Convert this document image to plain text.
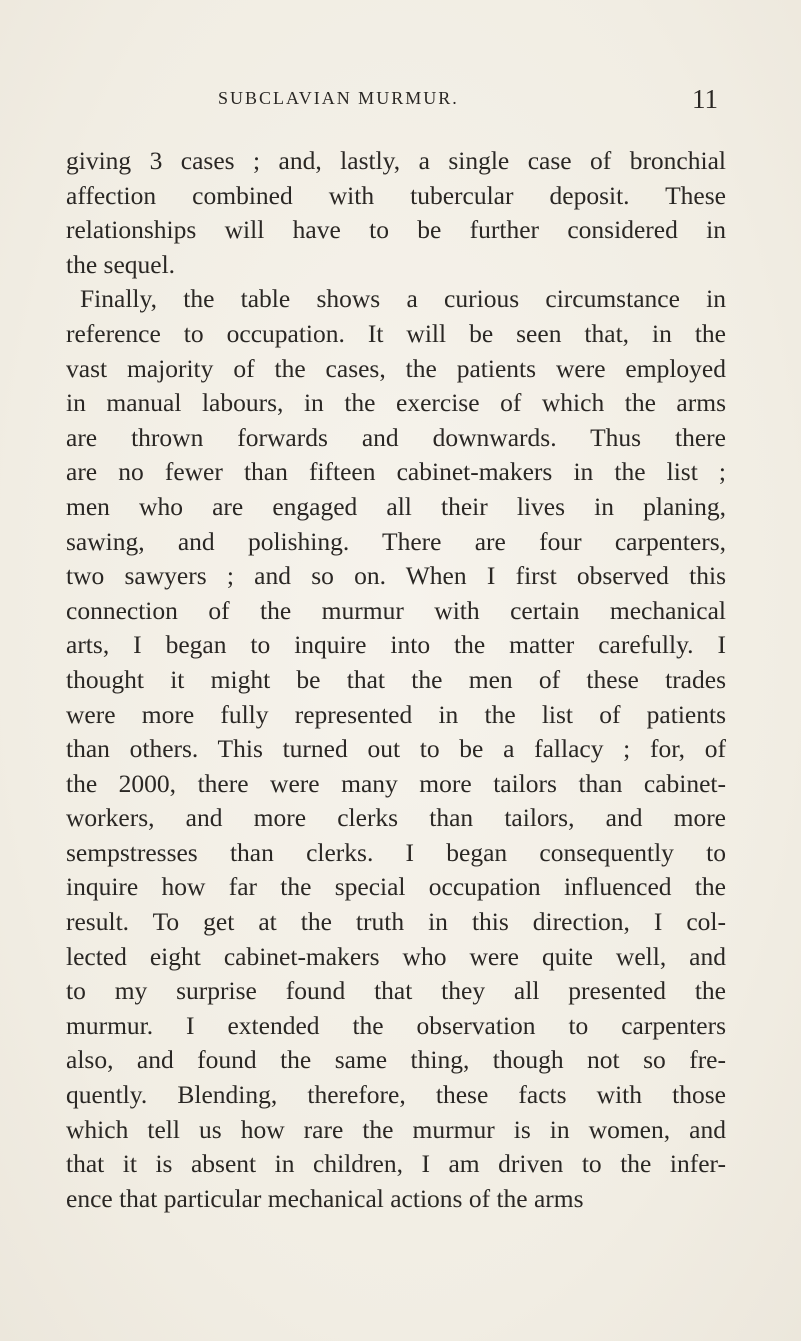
SUBCLAVIAN MURMUR.	11
giving 3 cases ; and, lastly, a single case of bronchial
affection combined with tubercular deposit. These
relationships will have to be further considered in
the sequel.
Finally, the table shows a curious circumstance in
reference to occupation. It will be seen that, in the
vast majority of the cases, the patients were employed
in manual labours, in the exercise of which the arms
are thrown forwards and downwards. Thus there
are no fewer than fifteen cabinet-makers in the list ;
men who are engaged all their lives in planing,
sawing, and polishing. There are four carpenters,
two sawyers ; and so on. When I first observed this
connection of the murmur with certain mechanical
arts, I began to inquire into the matter carefully. I
thought it might be that the men of these trades
were more fully represented in the list of patients
than others. This turned out to be a fallacy ; for, of
the 2000, there were many more tailors than cabinet-
workers, and more clerks than tailors, and more
sempstresses than clerks. I began consequently to
inquire how far the special occupation influenced the
result. To get at the truth in this direction, I col-
lected eight cabinet-makers who were quite well, and
to my surprise found that they all presented the
murmur. I extended the observation to carpenters
also, and found the same thing, though not so fre-
quently. Blending, therefore, these facts with those
which tell us how rare the murmur is in women, and
that it is absent in children, I am driven to the infer-
ence that particular mechanical actions of the arms
